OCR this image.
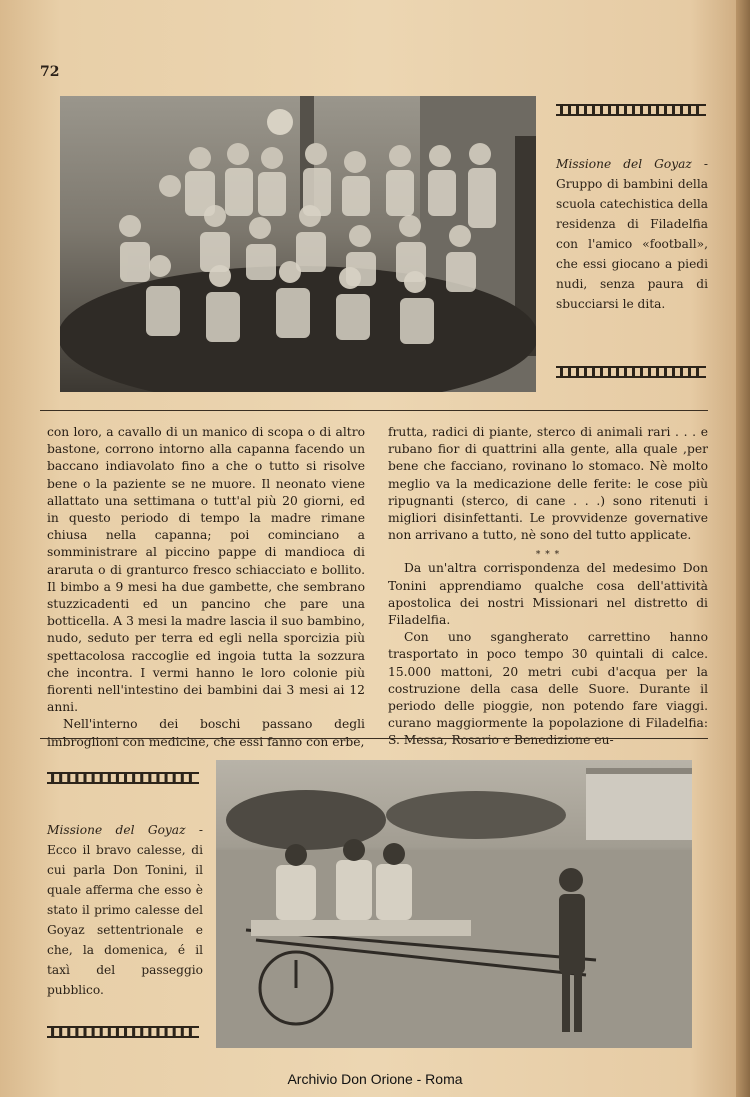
72
Missione del Goyaz - Gruppo di bambini della scuola catechistica della residenza di Filadelfia con l'amico «football», che essi giocano a piedi nudi, senza paura di sbucciarsi le dita.

con loro, a cavallo di un manico di scopa o di altro bastone, corrono intorno alla capanna facendo un baccano indiavolato fino a che o tutto si risolve bene o la paziente se ne muore. Il neonato viene allattato una settimana o tutt'al più 20 giorni, ed in questo periodo di tempo la madre rimane chiusa nella capanna; poi cominciano a somministrare al piccino pappe di mandioca di araruta o di granturco fresco schiacciato e bollito. Il bimbo a 9 mesi ha due gambette, che sembrano stuzzicadenti ed un pancino che pare una botticella. A 3 mesi la madre lascia il suo bambino, nudo, seduto per terra ed egli nella sporcizia più spettacolosa raccoglie ed ingoia tutta la sozzura che incontra. I vermi hanno le loro colonie più fiorenti nell'intestino dei bambini dai 3 mesi ai 12 anni.

Nell'interno dei boschi passano degli imbroglioni con medicine, che essi fanno con erbe,

frutta, radici di piante, sterco di animali rari . . . e rubano fior di quattrini alla gente, alla quale ,per bene che facciano, rovinano lo stomaco. Nè molto meglio va la medicazione delle ferite: le cose più ripugnanti (sterco, di cane . . .) sono ritenuti i migliori disinfettanti. Le provvidenze governative non arrivano a tutto, nè sono del tutto applicate.

* * *

Da un'altra corrispondenza del medesimo Don Tonini apprendiamo qualche cosa dell'attività apostolica dei nostri Missionari nel distretto di Filadelfia.

Con uno sgangherato carrettino hanno trasportato in poco tempo 30 quintali di calce. 15.000 mattoni, 20 metri cubi d'acqua per la costruzione della casa delle Suore. Durante il periodo delle pioggie, non potendo fare viaggi. curano maggiormente la popolazione di Filadelfia: S. Messa, Rosario e Benedizione eu-

Missione del Goyaz - Ecco il bravo calesse, di cui parla Don Tonini, il quale afferma che esso è stato il primo calesse del Goyaz settentrionale e che, la domenica, é il taxì del passeggio pubblico.
Archivio Don Orione - Roma
